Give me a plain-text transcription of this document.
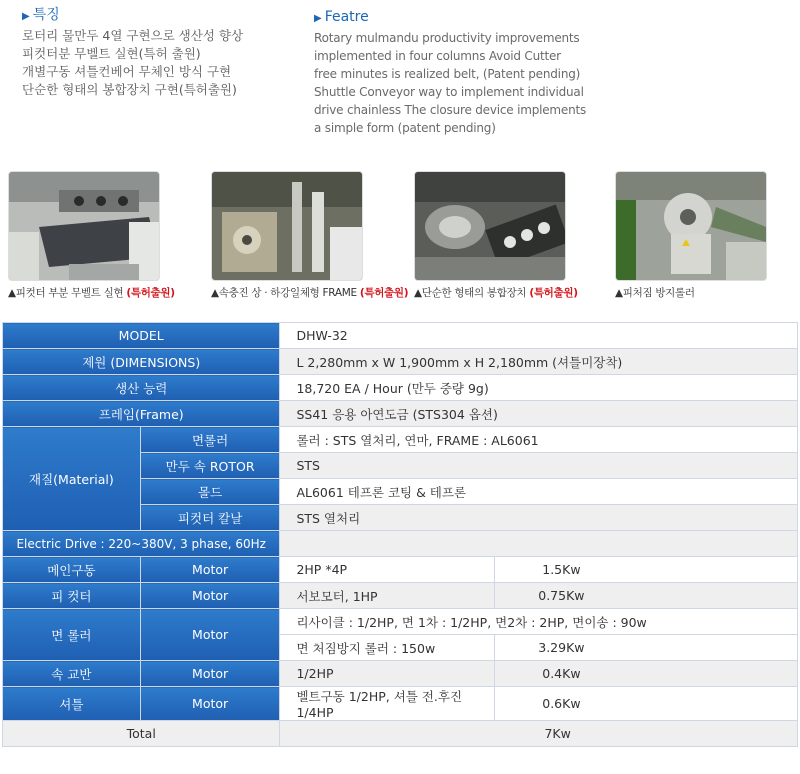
▶ 특징
로터리 물만두 4열 구현으로 생산성 향상
피컷터분 무벨트 실현(특허 출원)
개별구동 셔틀컨베어 무체인 방식 구현
단순한 형태의 봉합장치 구현(특허출원)
▶ Featre
Rotary mulmandu productivity improvements
implemented in four columns Avoid Cutter
free minutes is realized belt, (Patent pending)
Shuttle Conveyor way to implement individual
drive chainless The closure device implements
a simple form (patent pending)
▲피컷터 부분 무벨트 실현 (특허출원)	▲속충진 상 · 하강일체형 FRAME (특허출원) ▲단순한 형태의 봉합장치 (특허출원)	▲피처짐 방지롤러
MODEL		DHW-32	
제원 (DIMENSIONS)		L 2,280mm x W 1,900mm x H 2,180mm (셔틀미장착)	
생산 능력		18,720 EA / Hour (만두 중량 9g)	
프레임(Frame)		SS41 응용 아연도금 (STS304 옵션)	
재질(Material)	면롤러	롤러 : STS 열처리, 연마, FRAME : AL6061	
	만두 속 ROTOR	STS	
	몰드	AL6061 테프론 코팅 & 테프론	
	피컷터 칼날	STS 열처리	
Electric Drive : 220~380V, 3 phase, 60Hz			
메인구동	Motor	2HP *4P	1.5Kw
피 컷터	Motor	서보모터, 1HP	0.75Kw
면 롤러	Motor	리사이클 : 1/2HP, 면 1차 : 1/2HP, 면2차 : 2HP, 면이송 : 90w	
		면 처짐방지 롤러 : 150w	3.29Kw
속 교반	Motor	1/2HP	0.4Kw
셔틀	Motor	벨트구동 1/2HP, 셔틀 전.후진 1/4HP	0.6Kw
Total		7Kw	
